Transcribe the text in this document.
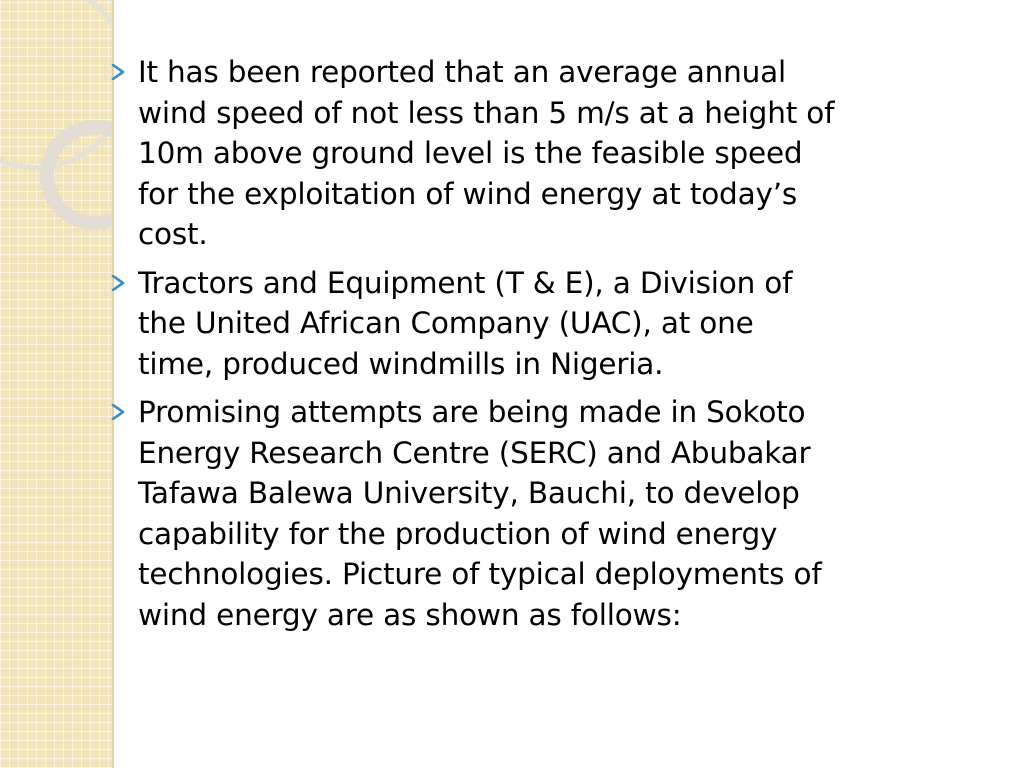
It has been reported that an average annual
wind speed of not less than 5 m/s at a height of
10m above ground level is the feasible speed
for the exploitation of wind energy at today’s
cost.
Tractors and Equipment (T & E), a Division of
the United African Company (UAC), at one
time, produced windmills in Nigeria.
Promising attempts are being made in Sokoto
Energy Research Centre (SERC) and Abubakar
Tafawa Balewa University, Bauchi, to develop
capability for the production of wind energy
technologies. Picture of typical deployments of
wind energy are as shown as follows:
